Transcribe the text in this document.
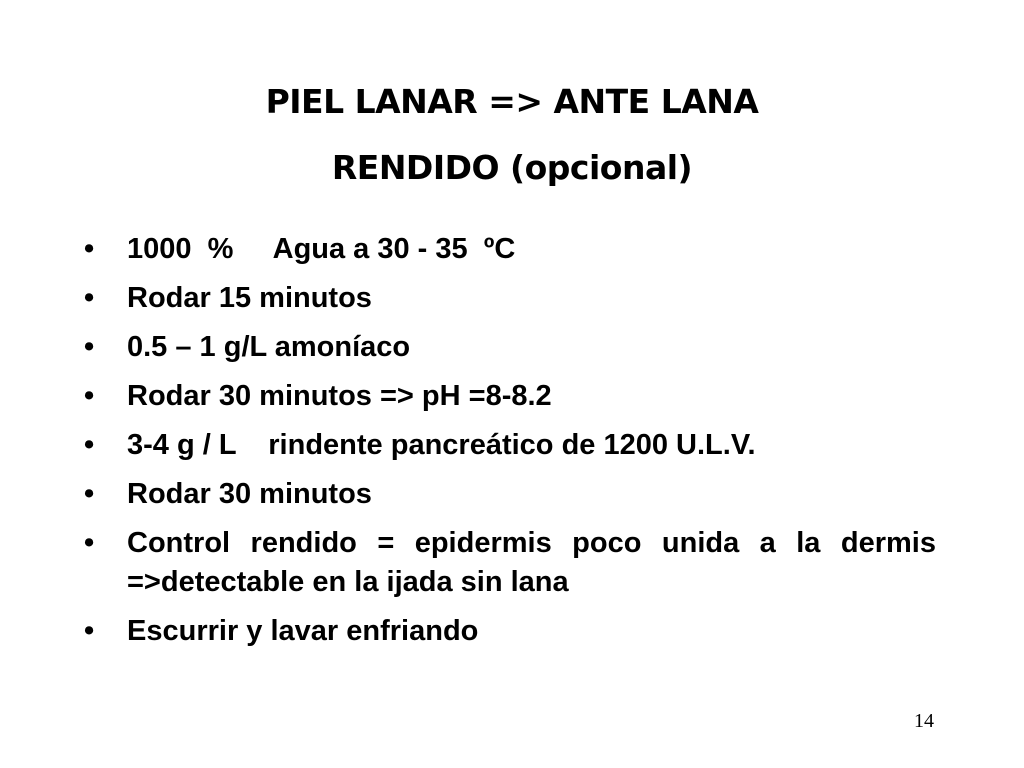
PIEL LANAR => ANTE LANA
RENDIDO (opcional)
• 1000  %     Agua a 30 - 35  ºC
• Rodar 15 minutos
• 0.5 – 1 g/L amoníaco
• Rodar 30 minutos => pH =8-8.2
• 3-4 g / L    rindente pancreático de 1200 U.L.V.
• Rodar 30 minutos
• Control rendido = epidermis poco unida a la dermis =>detectable en la ijada sin lana
• Escurrir y lavar enfriando
14
